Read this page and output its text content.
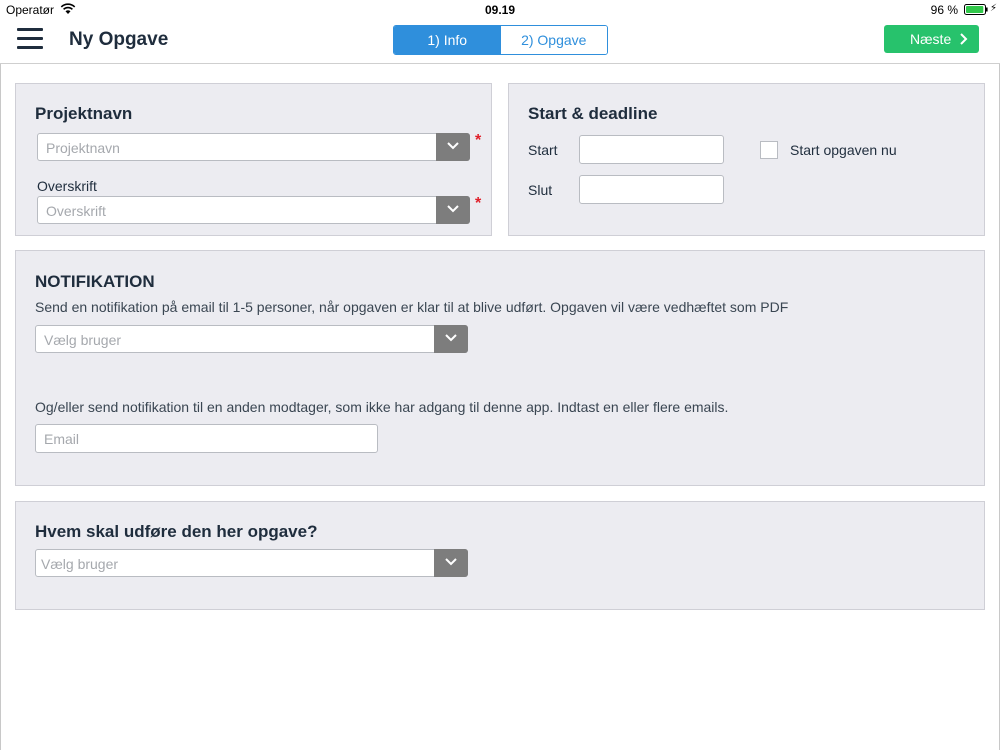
Operatør	09.19	96 %	⚡
Ny Opgave	1) Info	2) Opgave	Næste
Projektnavn
Projektnavn	*
Overskrift
Overskrift	*
Start & deadline
Start	Start opgaven nu
Slut
NOTIFIKATION
Send en notifikation på email til 1-5 personer, når opgaven er klar til at blive udført. Opgaven vil være vedhæftet som PDF
Vælg bruger
Og/eller send notifikation til en anden modtager, som ikke har adgang til denne app. Indtast en eller flere emails.
Email
Hvem skal udføre den her opgave?
Vælg bruger
